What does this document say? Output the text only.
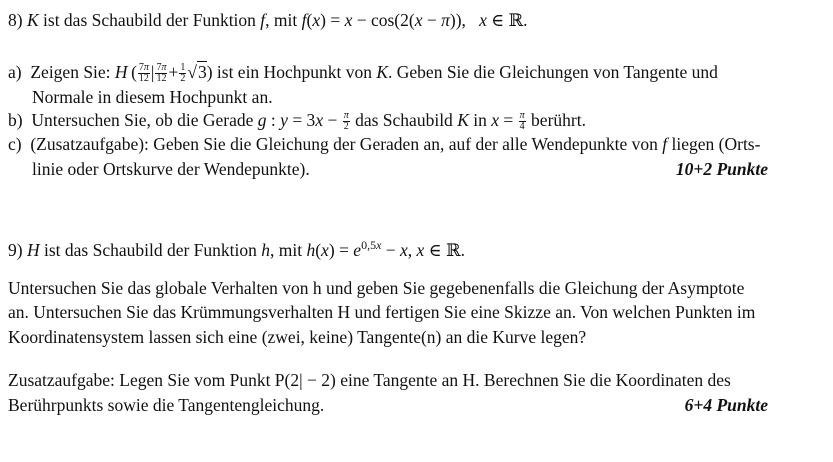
8) K ist das Schaubild der Funktion f, mit f(x) = x − cos(2(x − π)),   x ∈ ℝ.
a)  Zeigen Sie: H ( $\frac{7\pi}{12}$ | $\frac{7\pi}{12} + \frac{1}{2} √3$) ist ein Hochpunkt von K. Geben Sie die Gleichungen von Tangente und
Normale in diesem Hochpunkt an.
b)  Untersuchen Sie, ob die Gerade g : $y = 3x - \frac{\pi}{2}$ das Schaubild K in $x = \frac{\pi}{4}$ berührt.
c)  (Zusatzaufgabe): Geben Sie die Gleichung der Geraden an, auf der alle Wendepunkte von f liegen (Orts-
linie oder Ortskurve der Wendepunkte).	10+2 Punkte
9) H ist das Schaubild der Funktion h, mit $h(x) = e^{0,5x} - x$, x ∈ ℝ.
Untersuchen Sie das globale Verhalten von h und geben Sie gegebenenfalls die Gleichung der Asymptote
an. Untersuchen Sie das Krümmungsverhalten H und fertigen Sie eine Skizze an. Von welchen Punkten im
Koordinatensystem lassen sich eine (zwei, keine) Tangente(n) an die Kurve legen?
Zusatzaufgabe: Legen Sie vom Punkt P(2| − 2) eine Tangente an H. Berechnen Sie die Koordinaten des
Berührpunkts sowie die Tangentengleichung.	6+4 Punkte
